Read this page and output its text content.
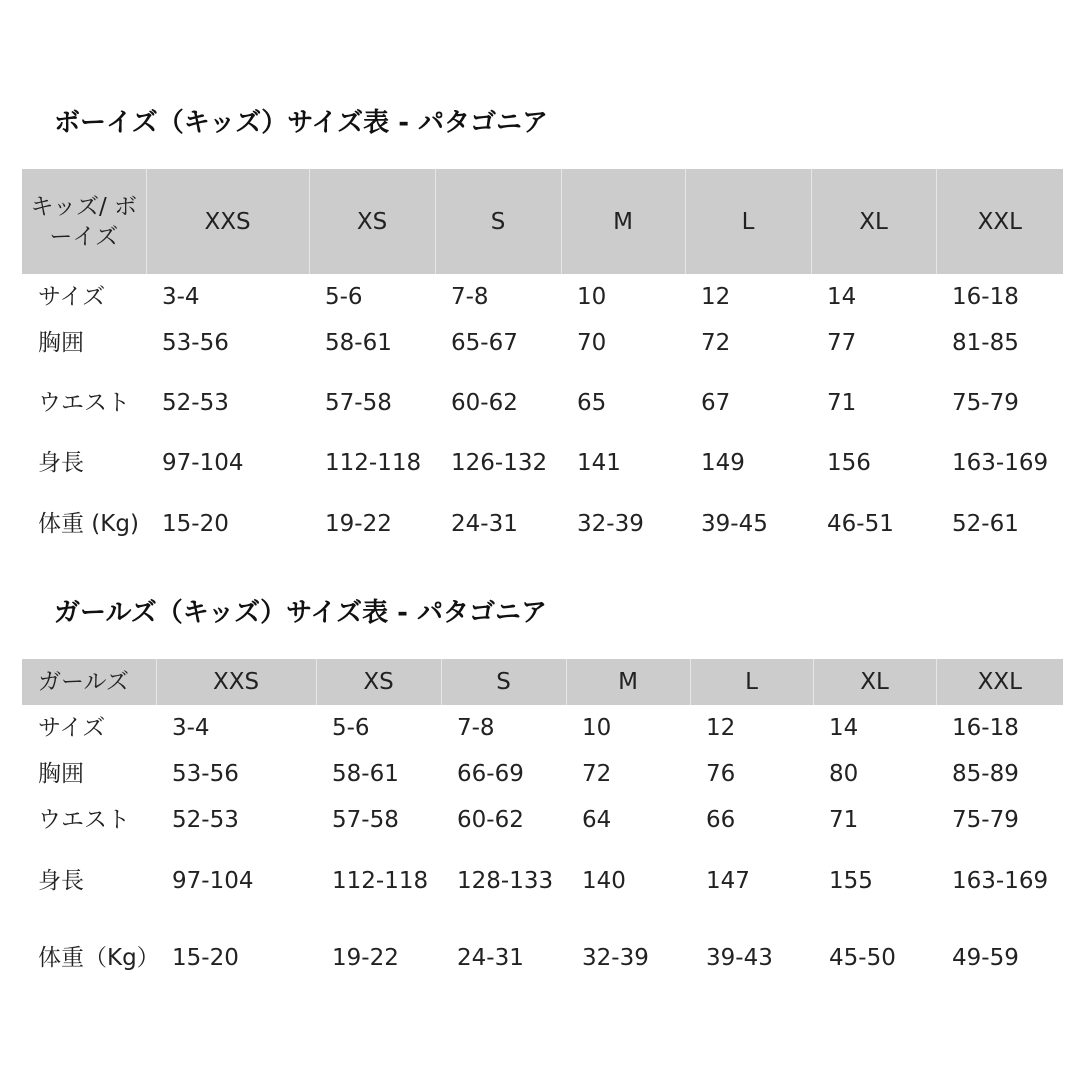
ボーイズ（キッズ）サイズ表 - パタゴニア
キッズ/ ボーイズ	XXS	XS	S	M	L	XL	XXL
サイズ	3-4	5-6	7-8	10	12	14	16-18
胸囲	53-56	58-61	65-67	70	72	77	81-85
ウエスト	52-53	57-58	60-62	65	67	71	75-79
身長	97-104	112-118	126-132	141	149	156	163-169
体重 (Kg)	15-20	19-22	24-31	32-39	39-45	46-51	52-61
ガールズ（キッズ）サイズ表 - パタゴニア
ガールズ	XXS	XS	S	M	L	XL	XXL
サイズ	3-4	5-6	7-8	10	12	14	16-18
胸囲	53-56	58-61	66-69	72	76	80	85-89
ウエスト	52-53	57-58	60-62	64	66	71	75-79
身長	97-104	112-118	128-133	140	147	155	163-169
体重（Kg）	15-20	19-22	24-31	32-39	39-43	45-50	49-59
